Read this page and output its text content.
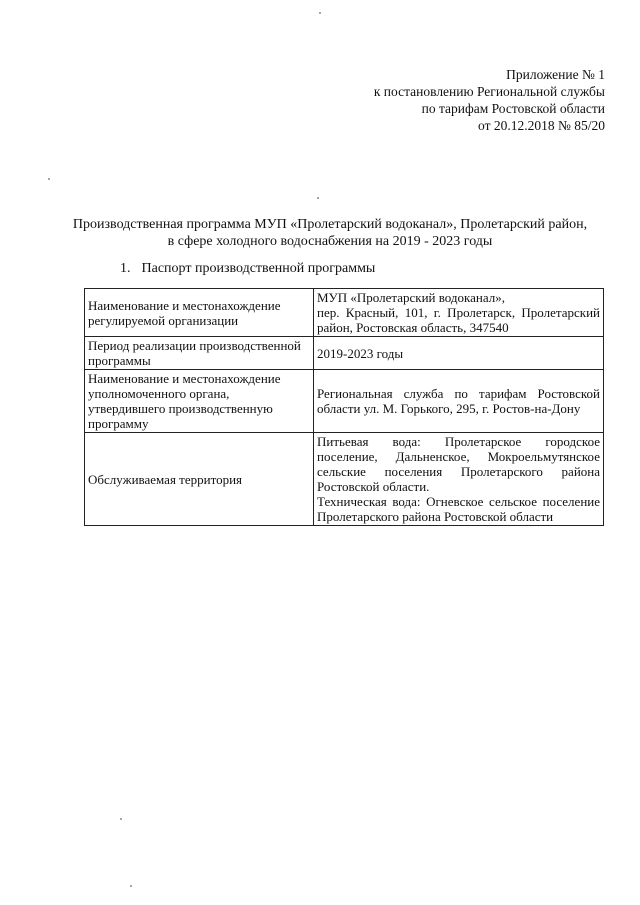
Приложение № 1
к постановлению Региональной службы
по тарифам Ростовской области
от 20.12.2018 № 85/20
Производственная программа МУП «Пролетарский водоканал», Пролетарский район,
в сфере холодного водоснабжения на 2019 - 2023 годы
1. Паспорт производственной программы
Наименование и местонахождение регулируемой организации	МУП «Пролетарский водоканал»,
пер. Красный, 101, г. Пролетарск, Пролетарский район, Ростовская область, 347540

Период реализации производственной программы	2019-2023 годы

Наименование и местонахождение уполномоченного органа, утвердившего производственную программу	Региональная служба по тарифам Ростовской области ул. М. Горького, 295, г. Ростов-на-Дону

Обслуживаемая территория	Питьевая вода: Пролетарское городское поселение, Дальненское, Мокроельмутянское сельские поселения Пролетарского района Ростовской области.
Техническая вода: Огневское сельское поселение Пролетарского района Ростовской области
